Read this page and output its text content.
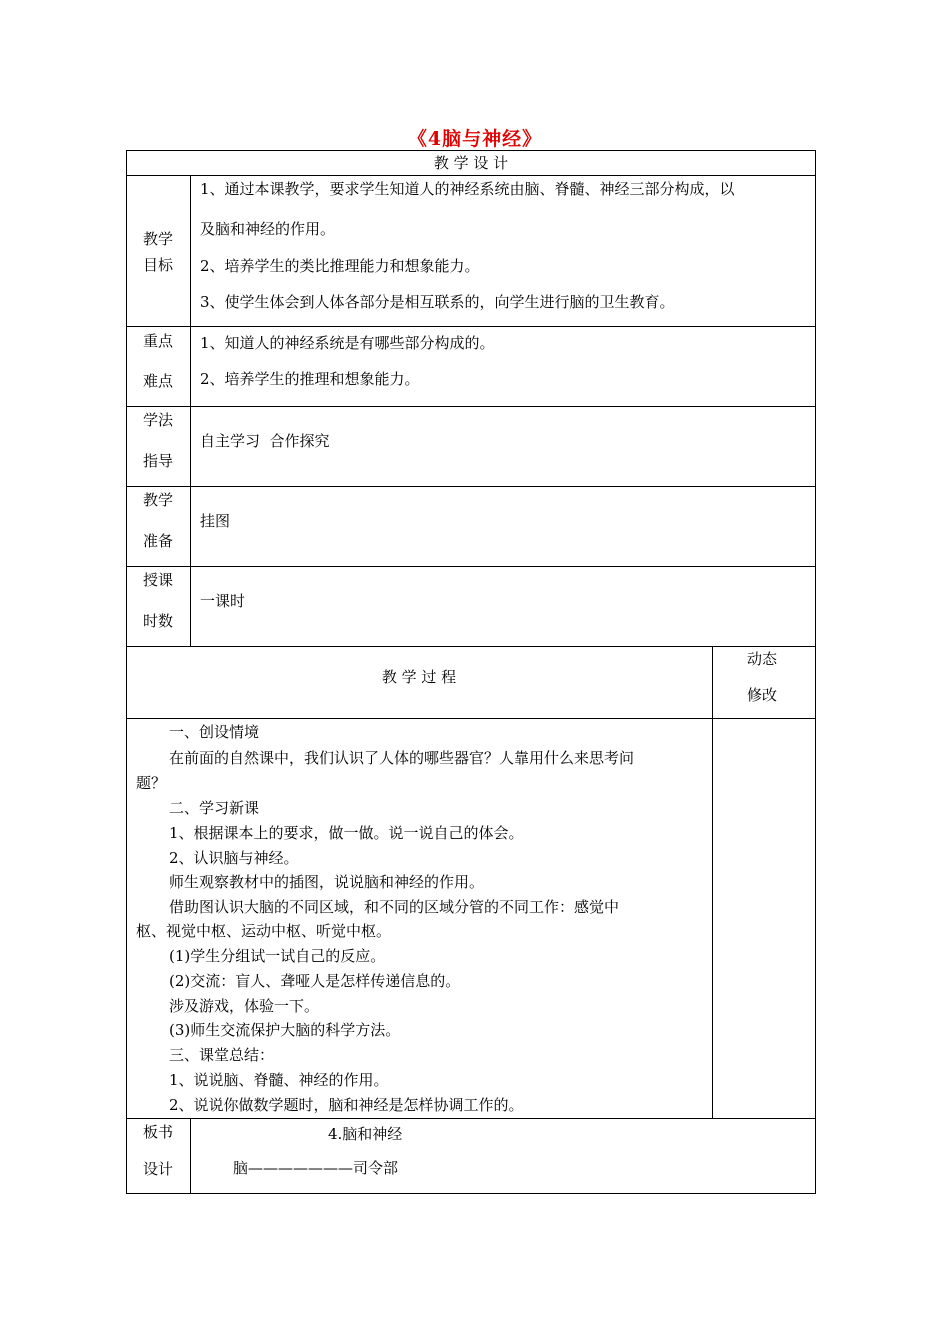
《4脑与神经》
教 学 设 计
教学
目标
1、通过本课教学，要求学生知道人的神经系统由脑、脊髓、神经三部分构成，以
及脑和神经的作用。
2、培养学生的类比推理能力和想象能力。
3、使学生体会到人体各部分是相互联系的，向学生进行脑的卫生教育。
重点
难点
1、知道人的神经系统是有哪些部分构成的。
2、培养学生的推理和想象能力。
学法
指导
自主学习  合作探究
教学
准备
挂图
授课
时数
一课时
教 学 过 程
动态
修改
一、创设情境
在前面的自然课中，我们认识了人体的哪些器官？人靠用什么来思考问
题？
二、学习新课
1、根据课本上的要求，做一做。说一说自己的体会。
2、认识脑与神经。
师生观察教材中的插图，说说脑和神经的作用。
借助图认识大脑的不同区域，和不同的区域分管的不同工作：感觉中
枢、视觉中枢、运动中枢、听觉中枢。
(1)学生分组试一试自己的反应。
(2)交流：盲人、聋哑人是怎样传递信息的。
涉及游戏，体验一下。
(3)师生交流保护大脑的科学方法。
三、课堂总结：
1、说说脑、脊髓、神经的作用。
2、说说你做数学题时，脑和神经是怎样协调工作的。
板书
设计
4.脑和神经
脑———————司令部
